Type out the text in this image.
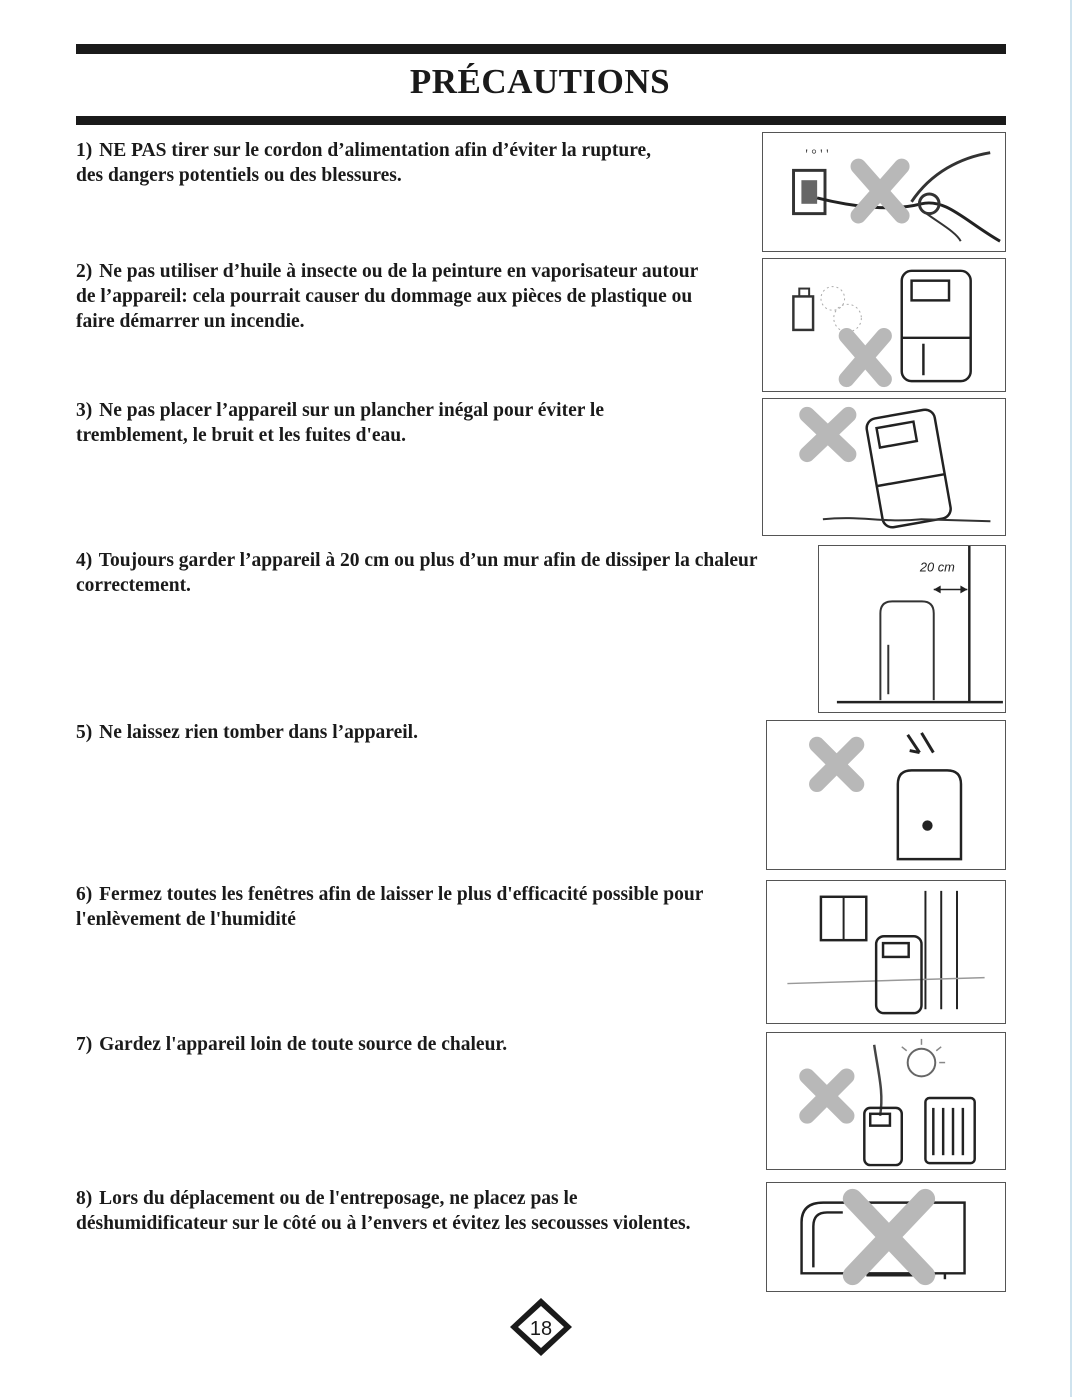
PRÉCAUTIONS
1) NE PAS tirer sur le cordon d’alimentation afin d’éviter la rupture,
des dangers potentiels ou des blessures.
' ° ' '
2) Ne pas utiliser d’huile à insecte ou de la peinture en vaporisateur autour
de l’appareil: cela pourrait causer du dommage aux pièces de plastique ou
faire démarrer un incendie.
3) Ne pas placer l’appareil sur un plancher inégal pour éviter le
tremblement, le bruit et les fuites d'eau.
4) Toujours garder l’appareil à 20 cm ou plus d’un mur afin de dissiper la chaleur
correctement.
20 cm
5) Ne laissez rien tomber dans l’appareil.
6) Fermez toutes les fenêtres afin de laisser le plus d'efficacité possible pour
l'enlèvement de l'humidité
7) Gardez l'appareil loin de toute source de chaleur.
8) Lors du déplacement ou de l'entreposage, ne placez pas le
déshumidificateur sur le côté ou à l’envers et évitez les secousses violentes.
18
